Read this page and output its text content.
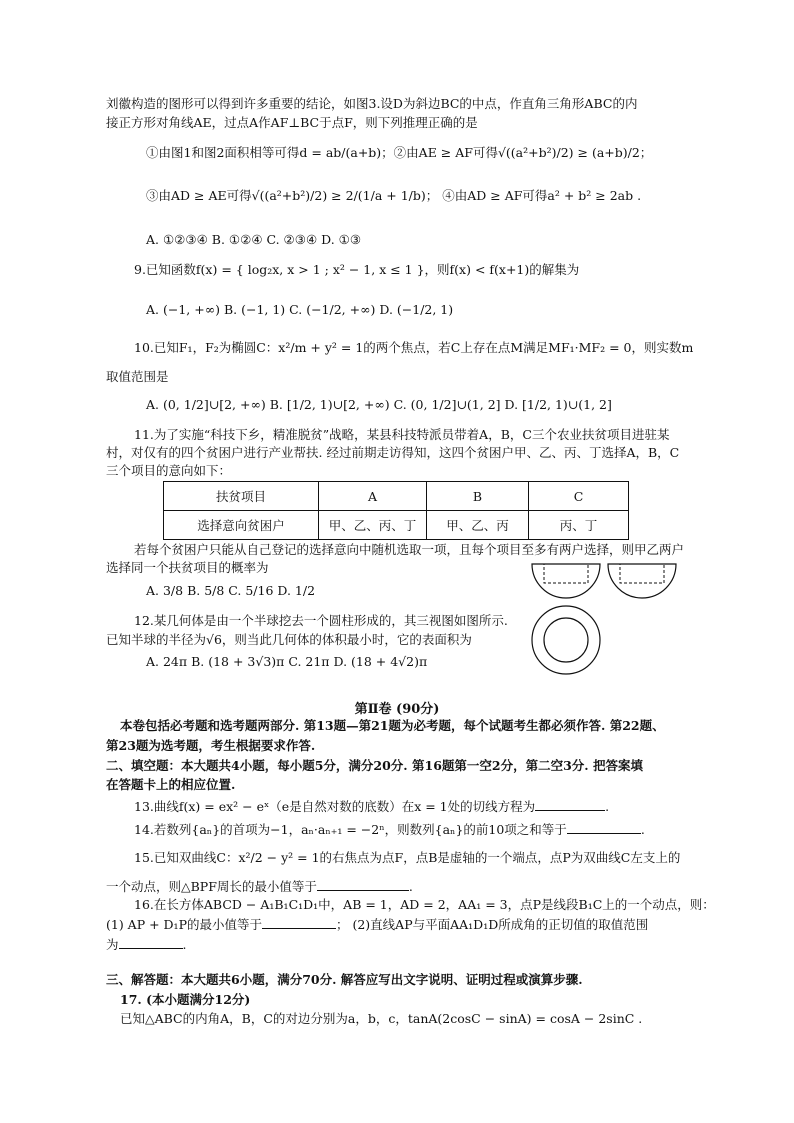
刘徽构造的图形可以得到许多重要的结论，如图3.设D为斜边BC的中点，作直角三角形ABC的内
接正方形对角线AE，过点A作AF⊥BC于点F，则下列推理正确的是
①由图1和图2面积相等可得d = ab/(a+b)；②由AE ≥ AF可得√((a²+b²)/2) ≥ (a+b)/2；
③由AD ≥ AE可得√((a²+b²)/2) ≥ 2/(1/a + 1/b)； ④由AD ≥ AF可得a² + b² ≥ 2ab .
A. ①②③④ B. ①②④ C. ②③④ D. ①③
9.已知函数f(x) = { log₂x, x > 1 ; x² − 1, x ≤ 1 }，则f(x) < f(x+1)的解集为
A. (−1, +∞) B. (−1, 1) C. (−1/2, +∞) D. (−1/2, 1)
10.已知F₁，F₂为椭圆C：x²/m + y² = 1的两个焦点，若C上存在点M满足MF₁·MF₂ = 0，则实数m
取值范围是
A. (0, 1/2]∪[2, +∞) B. [1/2, 1)∪[2, +∞) C. (0, 1/2]∪(1, 2] D. [1/2, 1)∪(1, 2]
11.为了实施“科技下乡，精准脱贫”战略，某县科技特派员带着A，B，C三个农业扶贫项目进驻某
村，对仅有的四个贫困户进行产业帮扶. 经过前期走访得知，这四个贫困户甲、乙、丙、丁选择A，B，C
三个项目的意向如下：
扶贫项目	A	B	C
选择意向贫困户	甲、乙、丙、丁	甲、乙、丙	丙、丁
若每个贫困户只能从自己登记的选择意向中随机选取一项，且每个项目至多有两户选择，则甲乙两户
选择同一个扶贫项目的概率为
A. 3/8 B. 5/8 C. 5/16 D. 1/2
12.某几何体是由一个半球挖去一个圆柱形成的，其三视图如图所示.
已知半球的半径为√6，则当此几何体的体积最小时，它的表面积为
A. 24π B. (18 + 3√3)π C. 21π D. (18 + 4√2)π
第Ⅱ卷 (90分)
本卷包括必考题和选考题两部分. 第13题—第21题为必考题，每个试题考生都必须作答. 第22题、
第23题为选考题，考生根据要求作答.
二、填空题：本大题共4小题，每小题5分，满分20分. 第16题第一空2分，第二空3分. 把答案填
在答题卡上的相应位置.
13.曲线f(x) = ex² − eˣ（e是自然对数的底数）在x = 1处的切线方程为	.
14.若数列{aₙ}的首项为−1，aₙ·aₙ₊₁ = −2ⁿ，则数列{aₙ}的前10项之和等于	.
15.已知双曲线C：x²/2 − y² = 1的右焦点为点F，点B是虚轴的一个端点，点P为双曲线C左支上的
一个动点，则△BPF周长的最小值等于	.
16.在长方体ABCD − A₁B₁C₁D₁中，AB = 1，AD = 2，AA₁ = 3，点P是线段B₁C上的一个动点，则：
(1) AP + D₁P的最小值等于	； (2)直线AP与平面AA₁D₁D所成角的正切值的取值范围
为	.
三、解答题：本大题共6小题，满分70分. 解答应写出文字说明、证明过程或演算步骤.
17. (本小题满分12分)
已知△ABC的内角A，B，C的对边分别为a，b，c，tanA(2cosC − sinA) = cosA − 2sinC .
